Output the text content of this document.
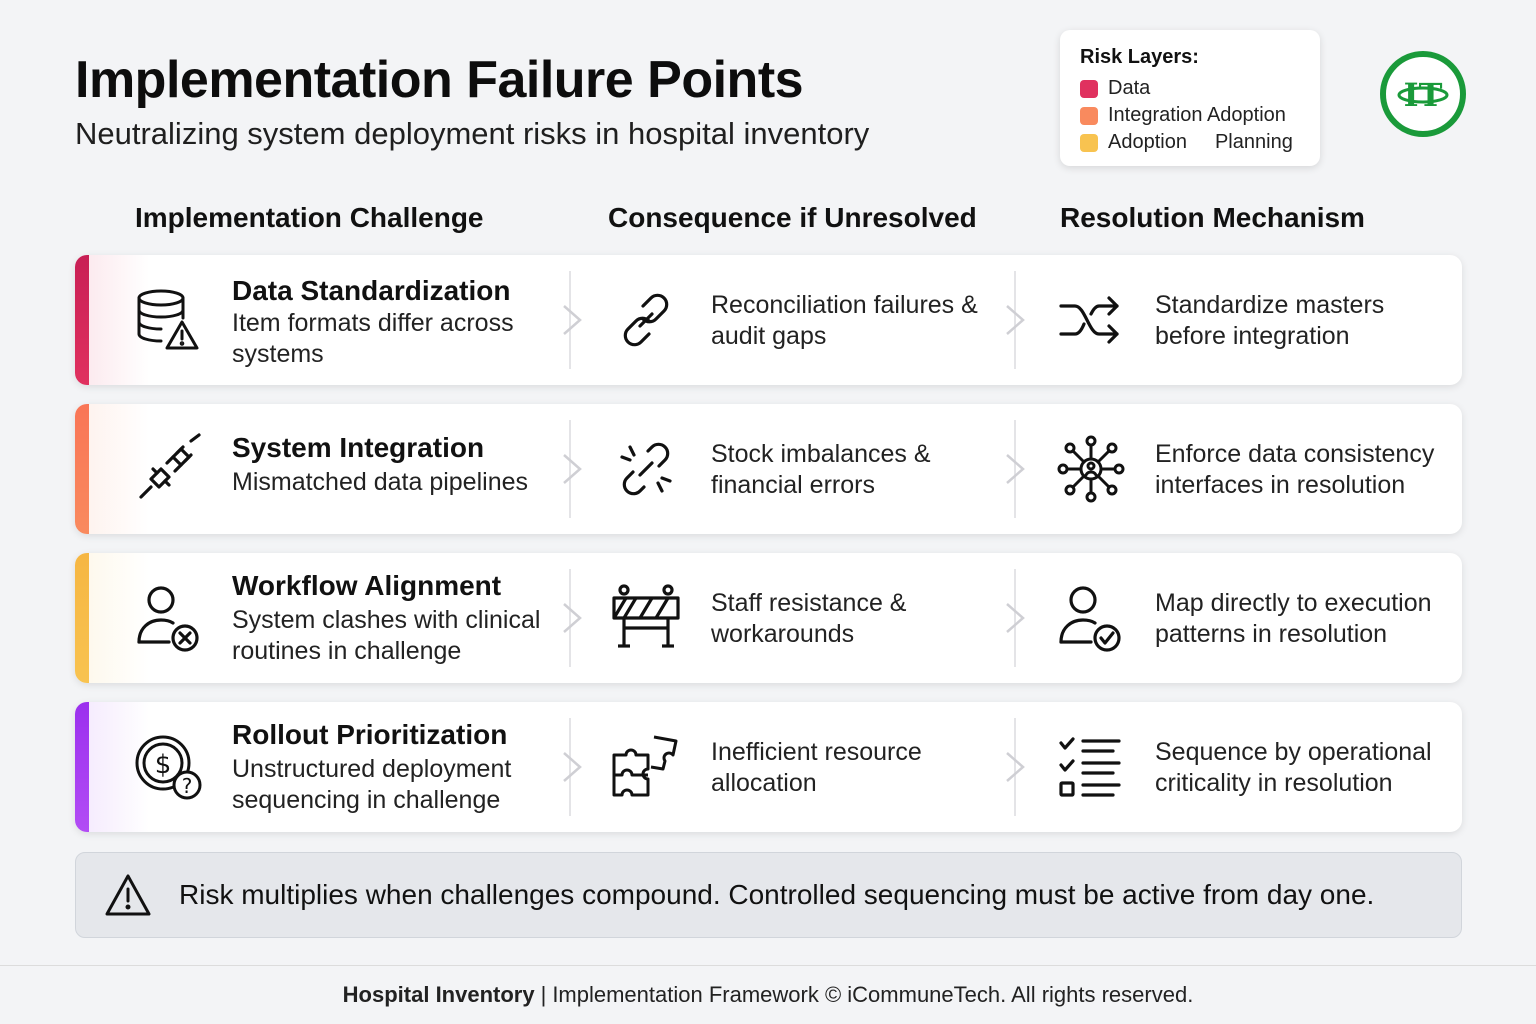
Implementation Failure Points
Neutralizing system deployment risks in hospital inventory
Risk Layers:
Data
Integration Adoption
Adoption Planning
IT
Implementation Challenge	Consequence if Unresolved	Resolution Mechanism
Data Standardization
Item formats differ across systems
Reconciliation failures & audit gaps
Standardize masters before integration
System Integration
Mismatched data pipelines
Stock imbalances & financial errors
Enforce data consistency interfaces in resolution
Workflow Alignment
System clashes with clinical routines in challenge
Staff resistance & workarounds
Map directly to execution patterns in resolution
$
?
Rollout Prioritization
Unstructured deployment sequencing in challenge
Inefficient resource allocation
Sequence by operational criticality in resolution
Risk multiplies when challenges compound. Controlled sequencing must be active from day one.
Hospital Inventory | Implementation Framework © iCommuneTech. All rights reserved.
